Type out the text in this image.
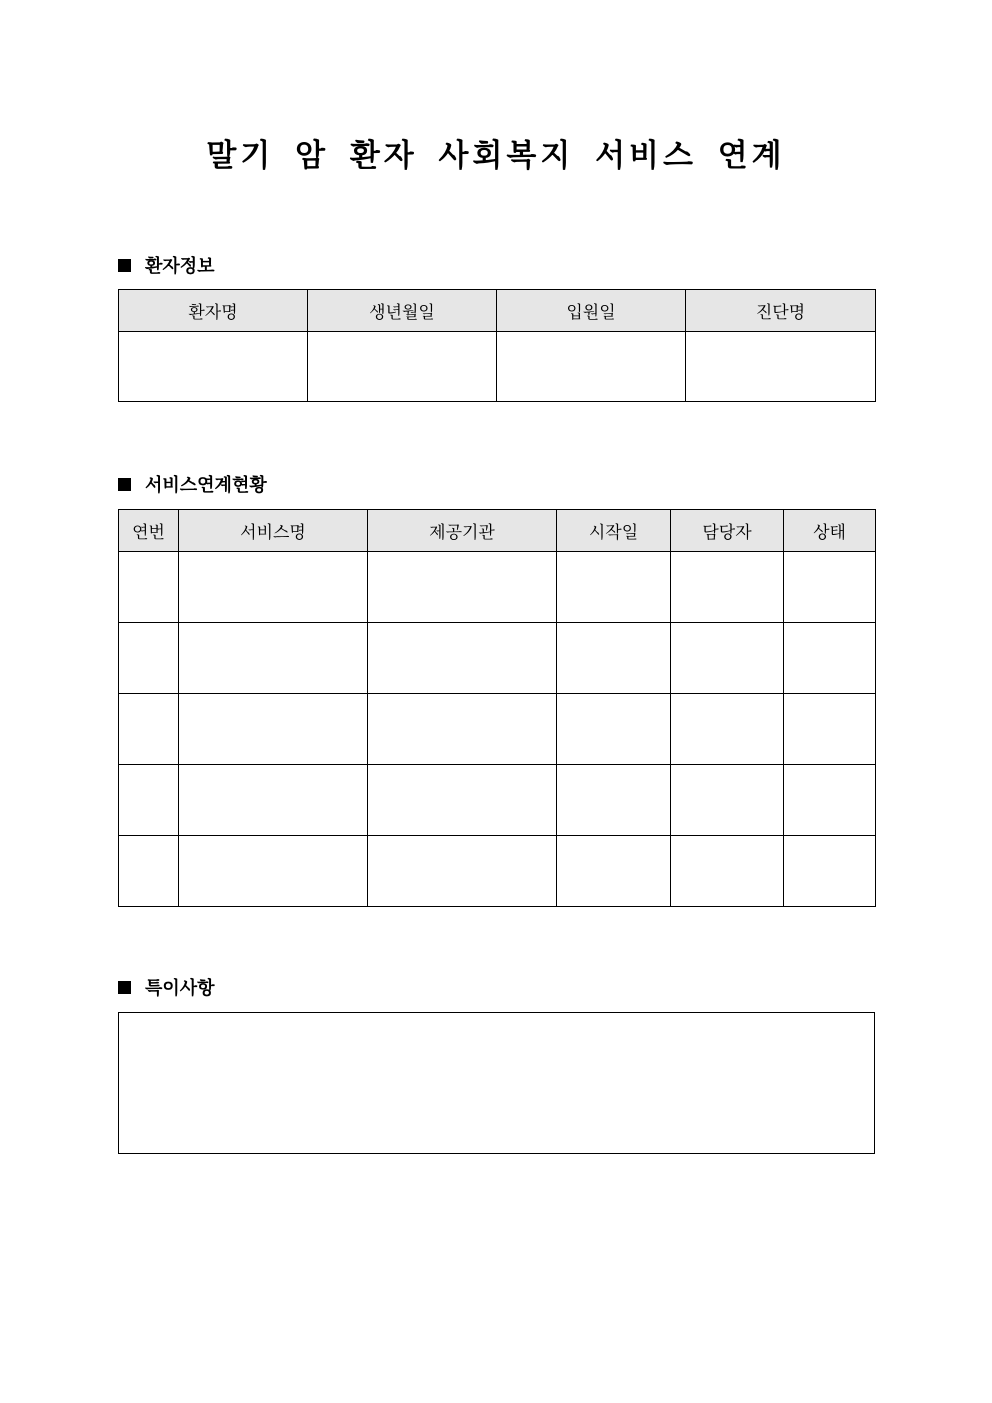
말기 암 환자 사회복지 서비스 연계
환자정보
환자명	생년월일	입원일	진단명

서비스연계현황
연번	서비스명	제공기관	시작일	담당자	상태

특이사항
